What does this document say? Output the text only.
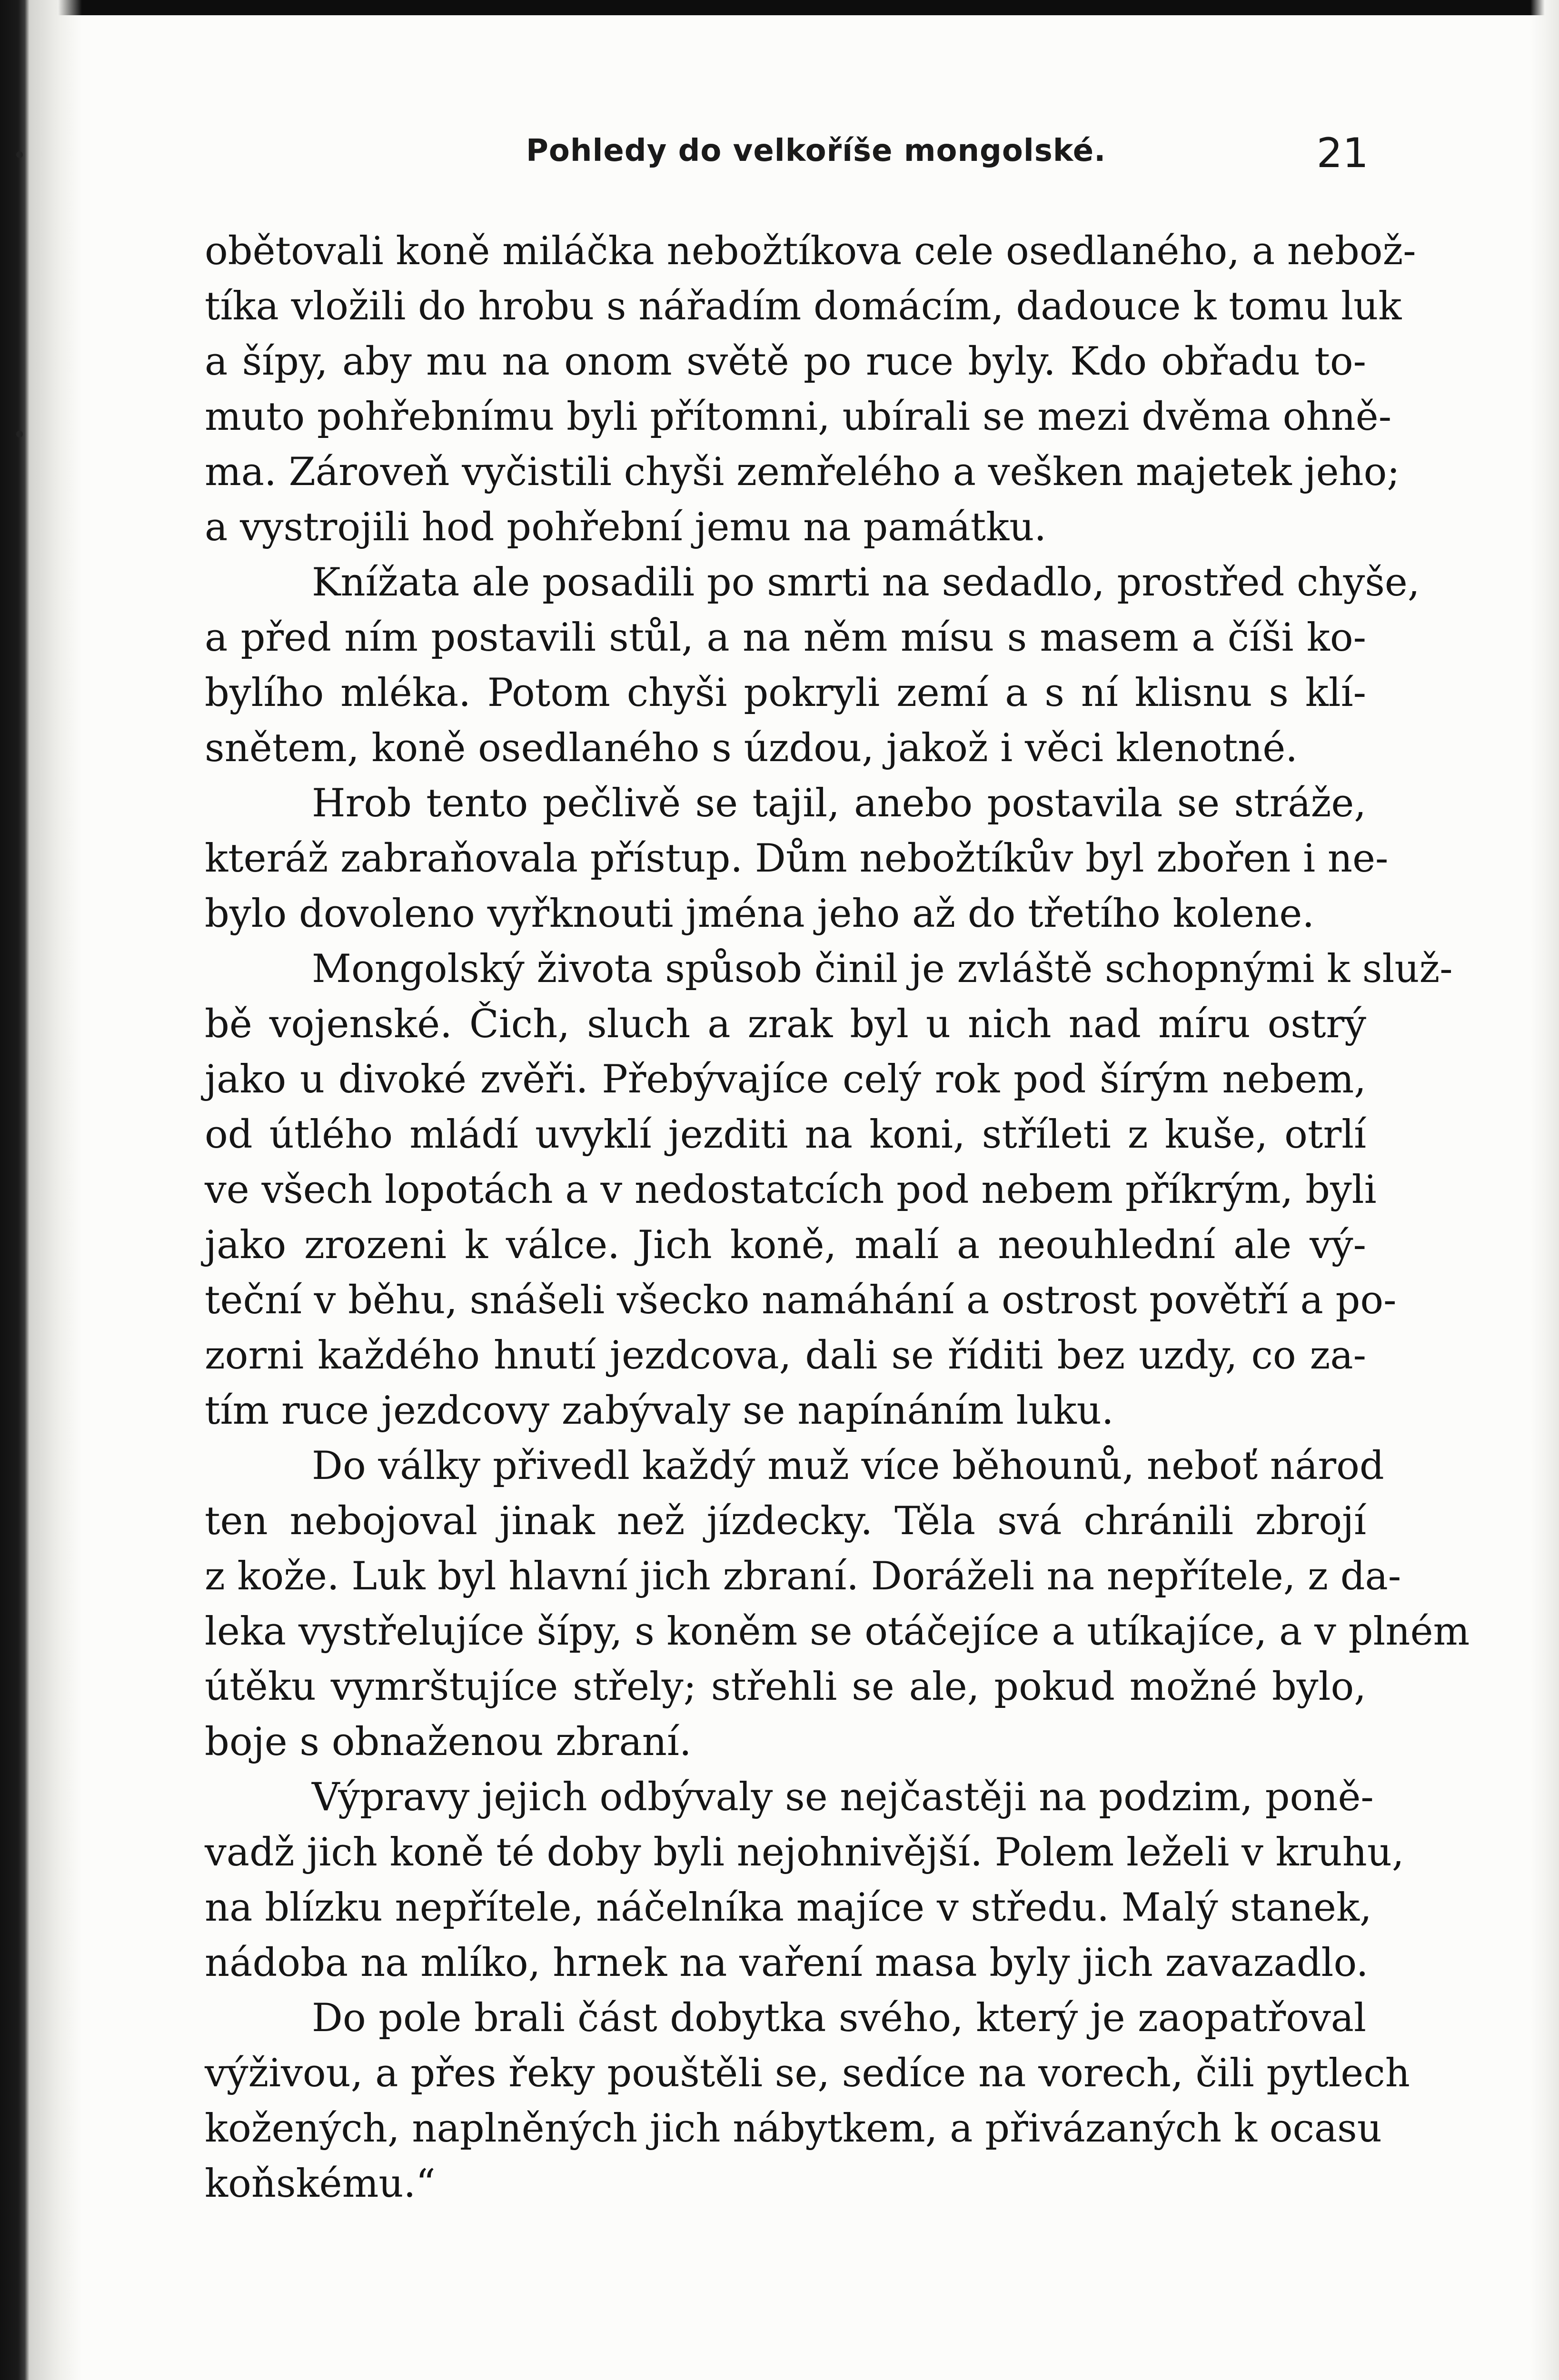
Pohledy do velkoříše mongolské.	21
obětovali koně miláčka nebožtíkova cele osedlaného, a nebož-
tíka vložili do hrobu s nářadím domácím, dadouce k tomu luk
a šípy, aby mu na onom světě po ruce byly. Kdo obřadu to-
muto pohřebnímu byli přítomni, ubírali se mezi dvěma ohně-
ma. Zároveň vyčistili chyši zemřelého a vešken majetek jeho;
a vystrojili hod pohřební jemu na památku.
Knížata ale posadili po smrti na sedadlo, prostřed chyše,
a před ním postavili stůl, a na něm mísu s masem a číši ko-
bylího mléka. Potom chyši pokryli zemí a s ní klisnu s klí-
snětem, koně osedlaného s úzdou, jakož i věci klenotné.
Hrob tento pečlivě se tajil, anebo postavila se stráže,
kteráž zabraňovala přístup. Dům nebožtíkův byl zbořen i ne-
bylo dovoleno vyřknouti jména jeho až do třetího kolene.
Mongolský života spůsob činil je zvláště schopnými k služ-
bě vojenské. Čich, sluch a zrak byl u nich nad míru ostrý
jako u divoké zvěři. Přebývajíce celý rok pod šírým nebem,
od útlého mládí uvyklí jezditi na koni, stříleti z kuše, otrlí
ve všech lopotách a v nedostatcích pod nebem příkrým, byli
jako zrozeni k válce. Jich koně, malí a neouhlední ale vý-
teční v běhu, snášeli všecko namáhání a ostrost povětří a po-
zorni každého hnutí jezdcova, dali se říditi bez uzdy, co za-
tím ruce jezdcovy zabývaly se napínáním luku.
Do války přivedl každý muž více běhounů, neboť národ
ten nebojoval jinak než jízdecky. Těla svá chránili zbrojí
z kože. Luk byl hlavní jich zbraní. Doráželi na nepřítele, z da-
leka vystřelujíce šípy, s koněm se otáčejíce a utíkajíce, a v plném
útěku vymrštujíce střely; střehli se ale, pokud možné bylo,
boje s obnaženou zbraní.
Výpravy jejich odbývaly se nejčastěji na podzim, poně-
vadž jich koně té doby byli nejohnivější. Polem leželi v kruhu,
na blízku nepřítele, náčelníka majíce v středu. Malý stanek,
nádoba na mlíko, hrnek na vaření masa byly jich zavazadlo.
Do pole brali část dobytka svého, který je zaopatřoval
výživou, a přes řeky pouštěli se, sedíce na vorech, čili pytlech
kožených, naplněných jich nábytkem, a přivázaných k ocasu
koňskému.“
